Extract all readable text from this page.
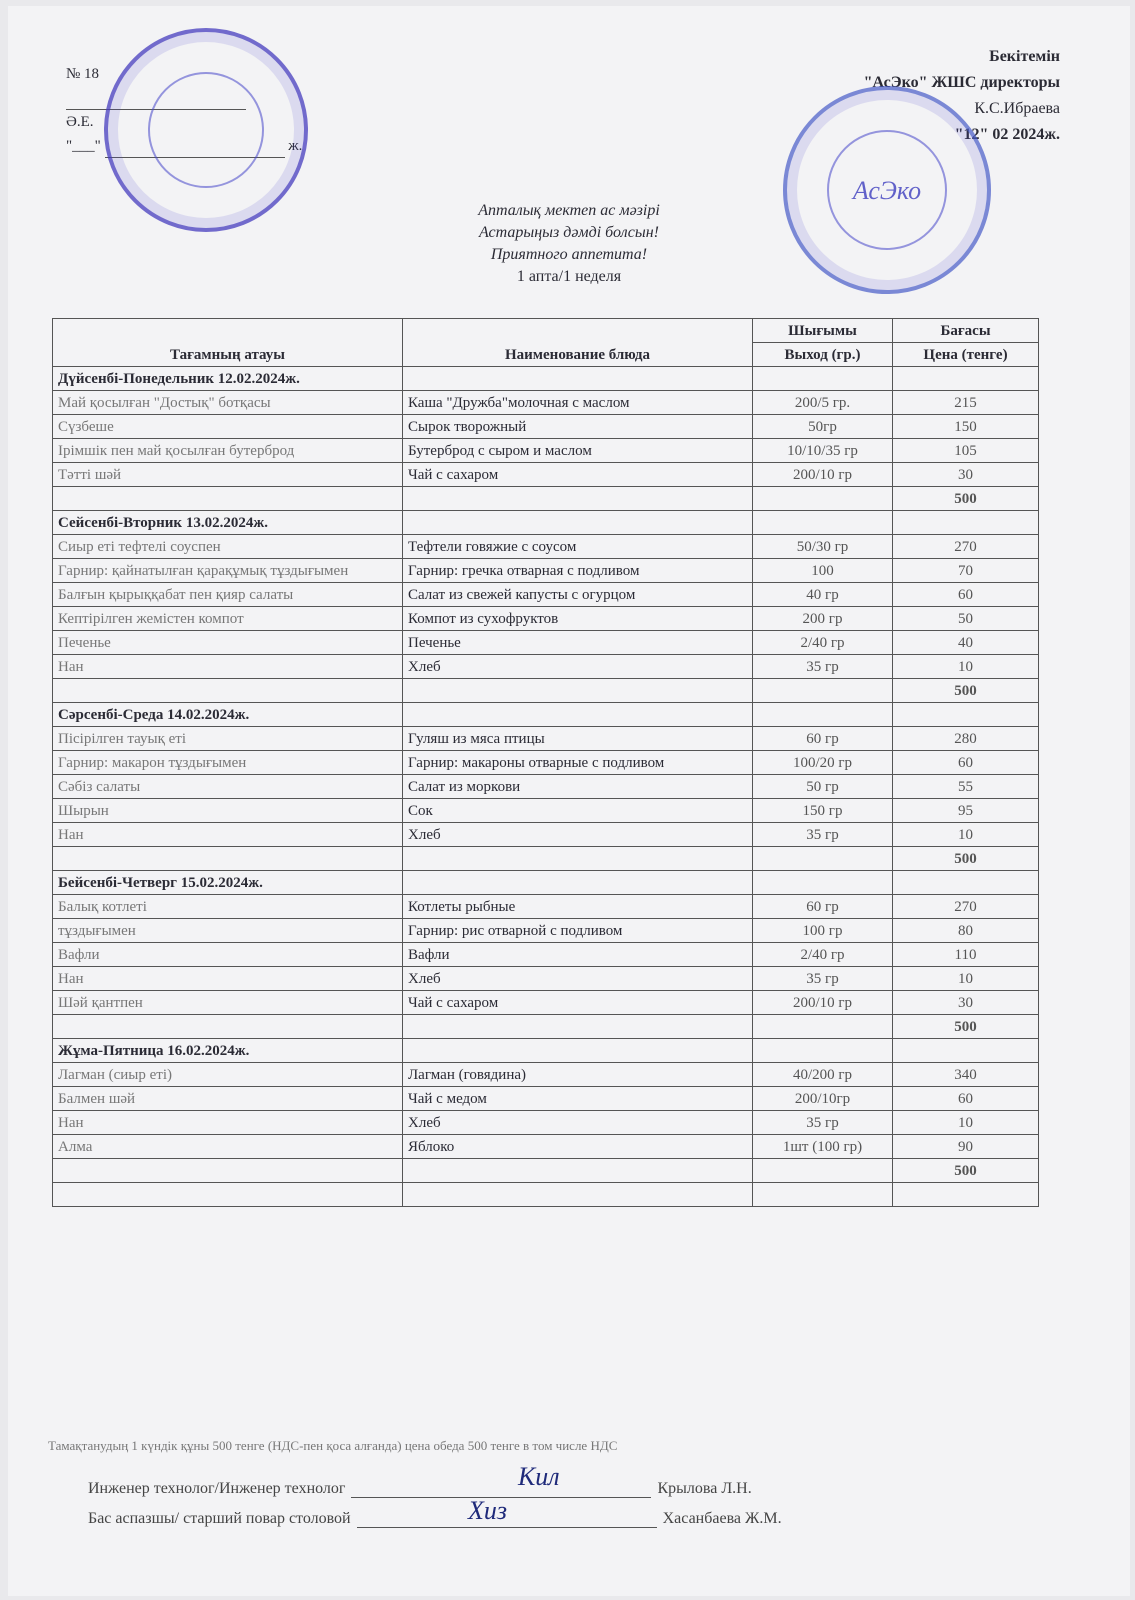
№ 18
Ә.Е.
"___"	ж.
Бекітемін
"АсЭко" ЖШС директоры
К.С.Ибраева
"12" 02 2024ж.
АсЭко
Апталық мектеп ас мәзірі
Астарыңыз дәмді болсын!
Приятного аппетита!
1 апта/1 неделя
Тағамның атауы	Наименование блюда	Шығымы	Бағасы
		Выход (гр.)	Цена (тенге)
Дүйсенбі-Понедельник 12.02.2024ж.			
Май қосылған "Достық" ботқасы	Каша "Дружба"молочная с маслом	200/5 гр.	215
Сүзбеше	Сырок творожный	50гр	150
Ірімшік пен май қосылған бутерброд	Бутерброд с сыром и маслом	10/10/35 гр	105
Тәтті шәй	Чай с сахаром	200/10 гр	30
			500
Сейсенбі-Вторник 13.02.2024ж.			
Сиыр еті тефтелі соуспен	Тефтели говяжие с соусом	50/30 гр	270
Гарнир: қайнатылған қарақұмық тұздығымен	Гарнир: гречка отварная с подливом	100	70
Балғын қырыққабат пен қияр салаты	Салат из свежей капусты с огурцом	40 гр	60
Кептірілген жемістен компот	Компот из сухофруктов	200 гр	50
Печенье	Печенье	2/40 гр	40
Нан	Хлеб	35 гр	10
			500
Сәрсенбі-Среда 14.02.2024ж.			
Пісірілген тауық еті	Гуляш из мяса птицы	60 гр	280
Гарнир: макарон тұздығымен	Гарнир: макароны отварные с подливом	100/20 гр	60
Сәбіз салаты	Салат из моркови	50 гр	55
Шырын	Сок	150 гр	95
Нан	Хлеб	35 гр	10
			500
Бейсенбі-Четверг 15.02.2024ж.			
Балық котлеті	Котлеты рыбные	60 гр	270
тұздығымен	Гарнир: рис отварной с подливом	100 гр	80
Вафли	Вафли	2/40 гр	110
Нан	Хлеб	35 гр	10
Шәй қантпен	Чай с сахаром	200/10 гр	30
			500
Жұма-Пятница 16.02.2024ж.			
Лагман (сиыр еті)	Лагман (говядина)	40/200 гр	340
Балмен шәй	Чай с медом	200/10гр	60
Нан	Хлеб	35 гр	10
Алма	Яблоко	1шт (100 гр)	90
			500

Тамақтанудың 1 күндік құны 500 тенге (НДС-пен қоса алғанда) цена обеда 500 тенге в том числе НДС
Инженер технолог/Инженер технолог	Крылова Л.Н.
Кил
Бас аспазшы/ старший повар столовой	Хасанбаева Ж.М.
Хиз
